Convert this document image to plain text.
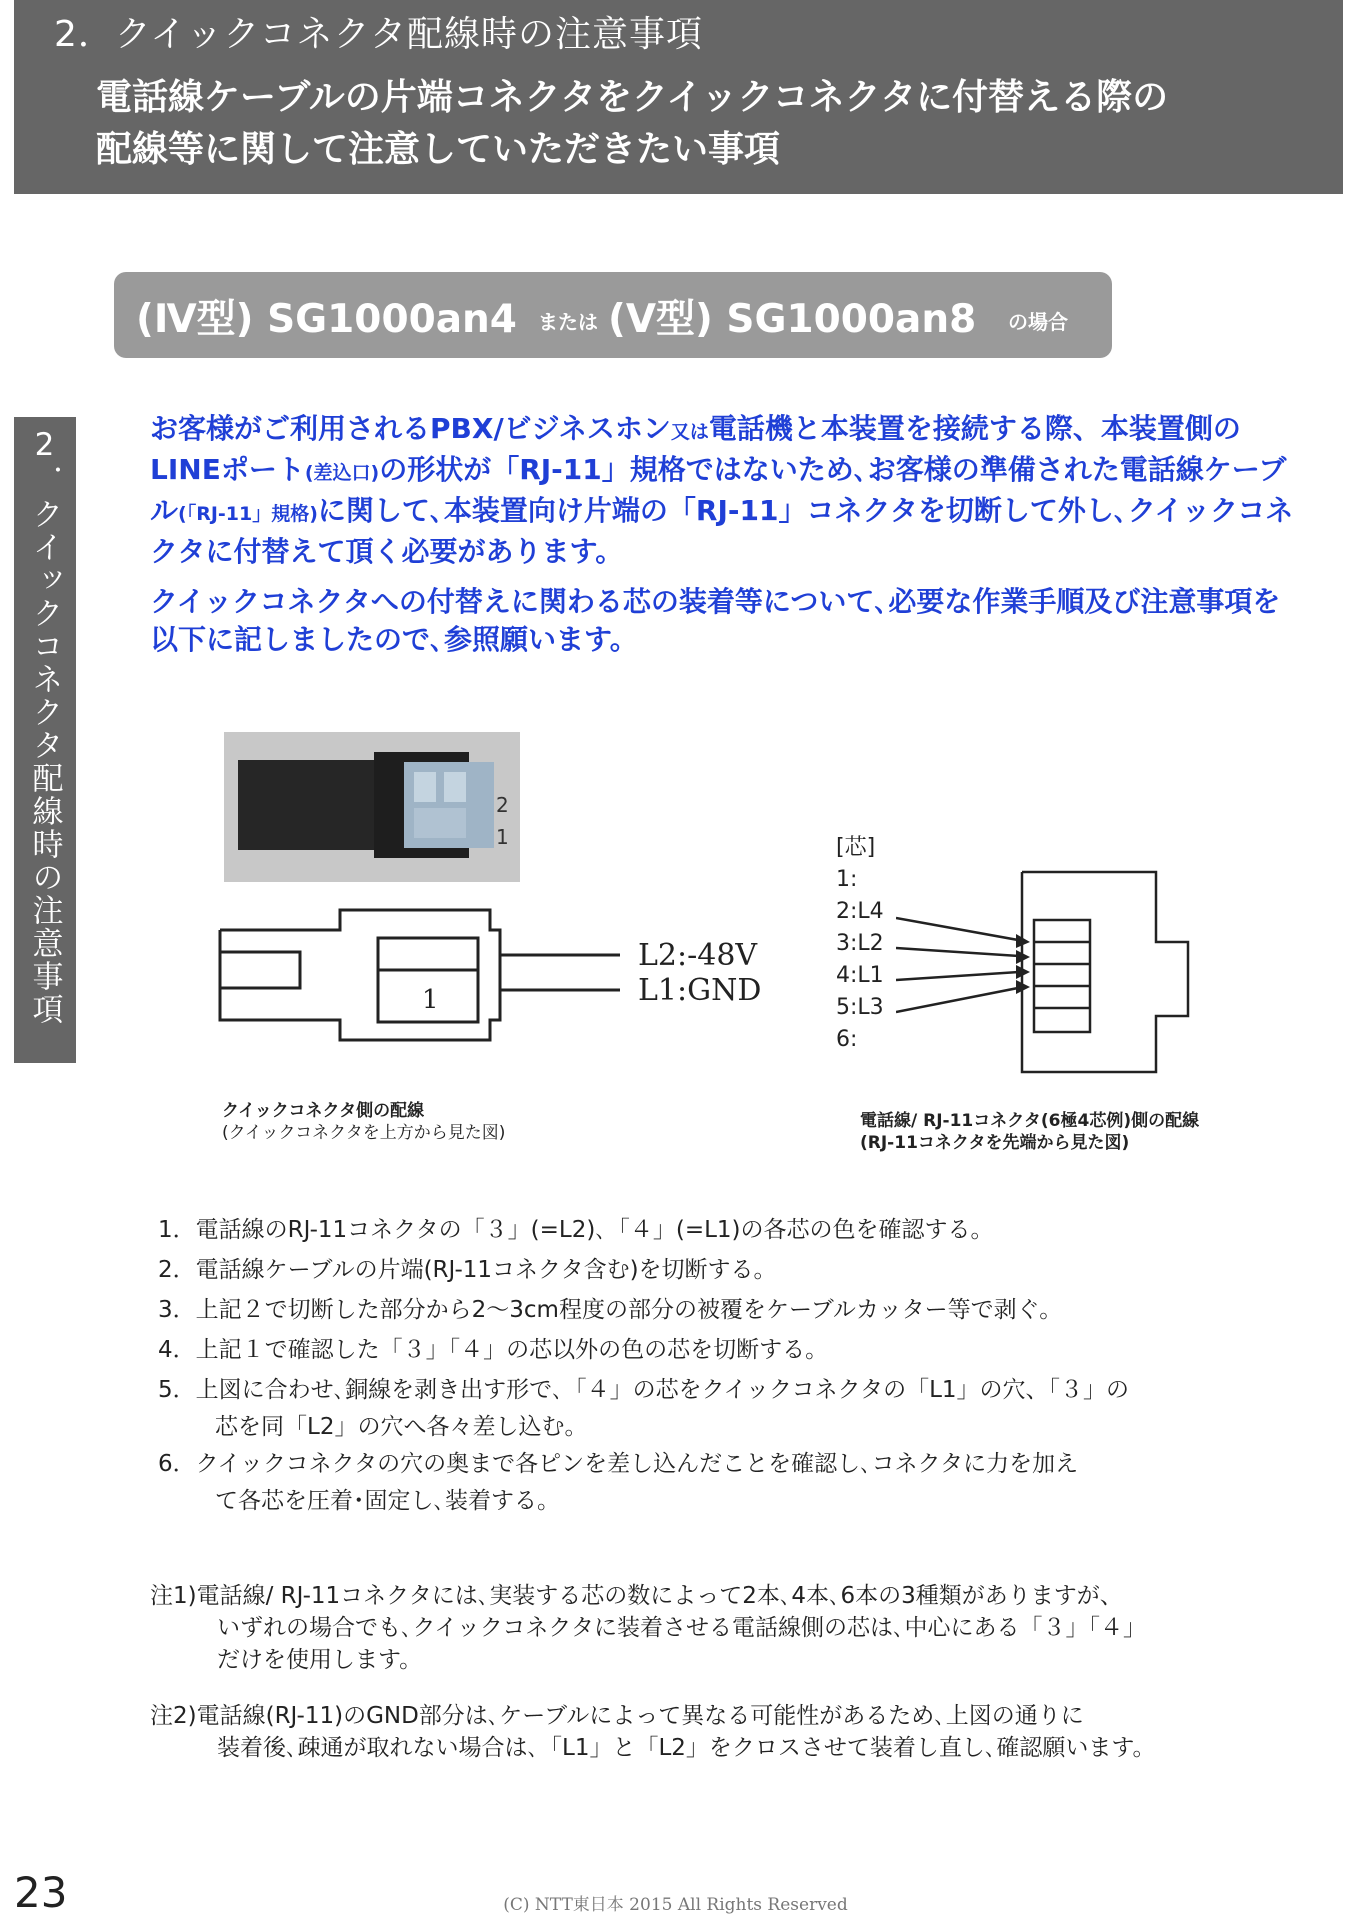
2．クイックコネクタ配線時の注意事項
電話線ケーブルの片端コネクタをクイックコネクタに付替える際の
配線等に関して注意していただきたい事項
(Ⅳ型) SG1000an4 または (Ⅴ型) SG1000an8 の場合
2．クイックコネクタ配線時の注意事項	お客様がご利用されるPBX/ビジネスホン又は電話機と本装置を接続する際、本装置側のLINEポート(差込口)の形状が「RJ-11」規格ではないため､お客様の準備された電話線ケーブル(「RJ-11」規格)に関して､本装置向け片端の「RJ-11」コネクタを切断して外し､クイックコネクタに付替えて頂く必要があります。

クイックコネクタへの付替えに関わる芯の装着等について､必要な作業手順及び注意事項を以下に記しましたので､参照願います。

2
1
1
L2:-48V
L1:GND
クイックコネクタ側の配線
(クイックコネクタを上方から見た図)
[芯]
1:
2:L4
3:L2
4:L1
5:L3
6:
電話線/ RJ-11コネクタ(6極4芯例)側の配線
(RJ-11コネクタを先端から見た図)
1．電話線のRJ-11コネクタの「３」(=L2)､「４」(=L1)の各芯の色を確認する。
2．電話線ケーブルの片端(RJ-11コネクタ含む)を切断する。
3．上記２で切断した部分から2～3cm程度の部分の被覆をケーブルカッター等で剥ぐ。
4．上記１で確認した「３」「４」の芯以外の色の芯を切断する。
5．上図に合わせ､銅線を剥き出す形で､「４」の芯をクイックコネクタの「L1」の穴、「３」の
芯を同「L2」の穴へ各々差し込む。
6．クイックコネクタの穴の奥まで各ピンを差し込んだことを確認し､コネクタに力を加え
て各芯を圧着･固定し､装着する。
注1)電話線/ RJ-11コネクタには､実装する芯の数によって2本､4本､6本の3種類がありますが、
いずれの場合でも､クイックコネクタに装着させる電話線側の芯は､中心にある「３」「４」
だけを使用します。
注2)電話線(RJ-11)のGND部分は､ケーブルによって異なる可能性があるため､上図の通りに
装着後､疎通が取れない場合は､「L1」と「L2」をクロスさせて装着し直し､確認願います。
23	(C) NTT東日本 2015 All Rights Reserved
